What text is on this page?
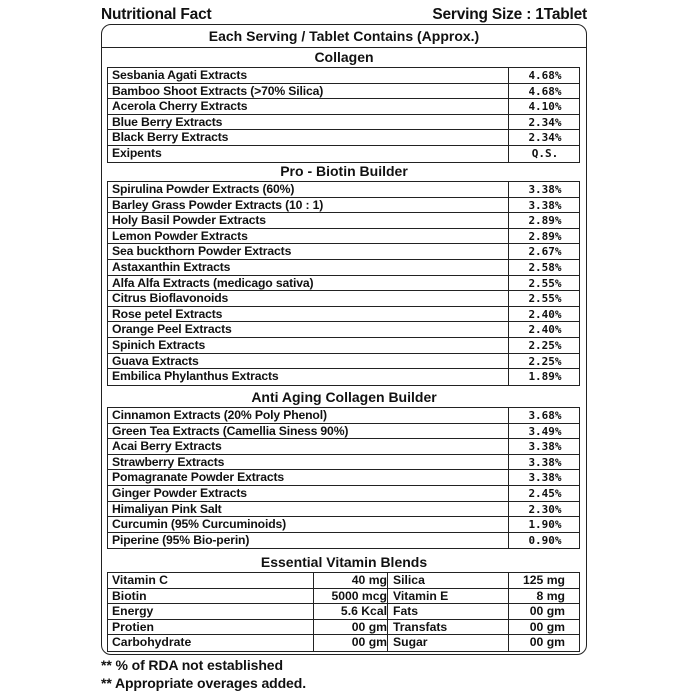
Nutritional Fact	Serving Size : 1Tablet
Each Serving / Tablet Contains (Approx.)
Collagen
Sesbania Agati Extracts	4.68%
Bamboo Shoot Extracts (>70% Silica)	4.68%
Acerola Cherry Extracts	4.10%
Blue Berry Extracts	2.34%
Black Berry Extracts	2.34%
Exipents	Q.S.
Pro - Biotin Builder
Spirulina Powder Extracts (60%)	3.38%
Barley Grass Powder Extracts (10 : 1)	3.38%
Holy Basil Powder Extracts	2.89%
Lemon Powder Extracts	2.89%
Sea buckthorn Powder Extracts	2.67%
Astaxanthin Extracts	2.58%
Alfa Alfa Extracts (medicago sativa)	2.55%
Citrus Bioflavonoids	2.55%
Rose petel Extracts	2.40%
Orange Peel Extracts	2.40%
Spinich Extracts	2.25%
Guava Extracts	2.25%
Embilica Phylanthus Extracts	1.89%
Anti Aging Collagen Builder
Cinnamon Extracts (20% Poly Phenol)	3.68%
Green Tea Extracts (Camellia Siness 90%)	3.49%
Acai Berry Extracts	3.38%
Strawberry Extracts	3.38%
Pomagranate Powder Extracts	3.38%
Ginger Powder Extracts	2.45%
Himaliyan Pink Salt	2.30%
Curcumin (95% Curcuminoids)	1.90%
Piperine (95% Bio-perin)	0.90%
Essential Vitamin Blends
Vitamin C	40 mg Silica	125 mg
Biotin	5000 mcg Vitamin E	8 mg
Energy	5.6 Kcal Fats	00 gm
Protien	00 gm Transfats	00 gm
Carbohydrate	00 gm Sugar	00 gm
** % of RDA not established
** Appropriate overages added.
